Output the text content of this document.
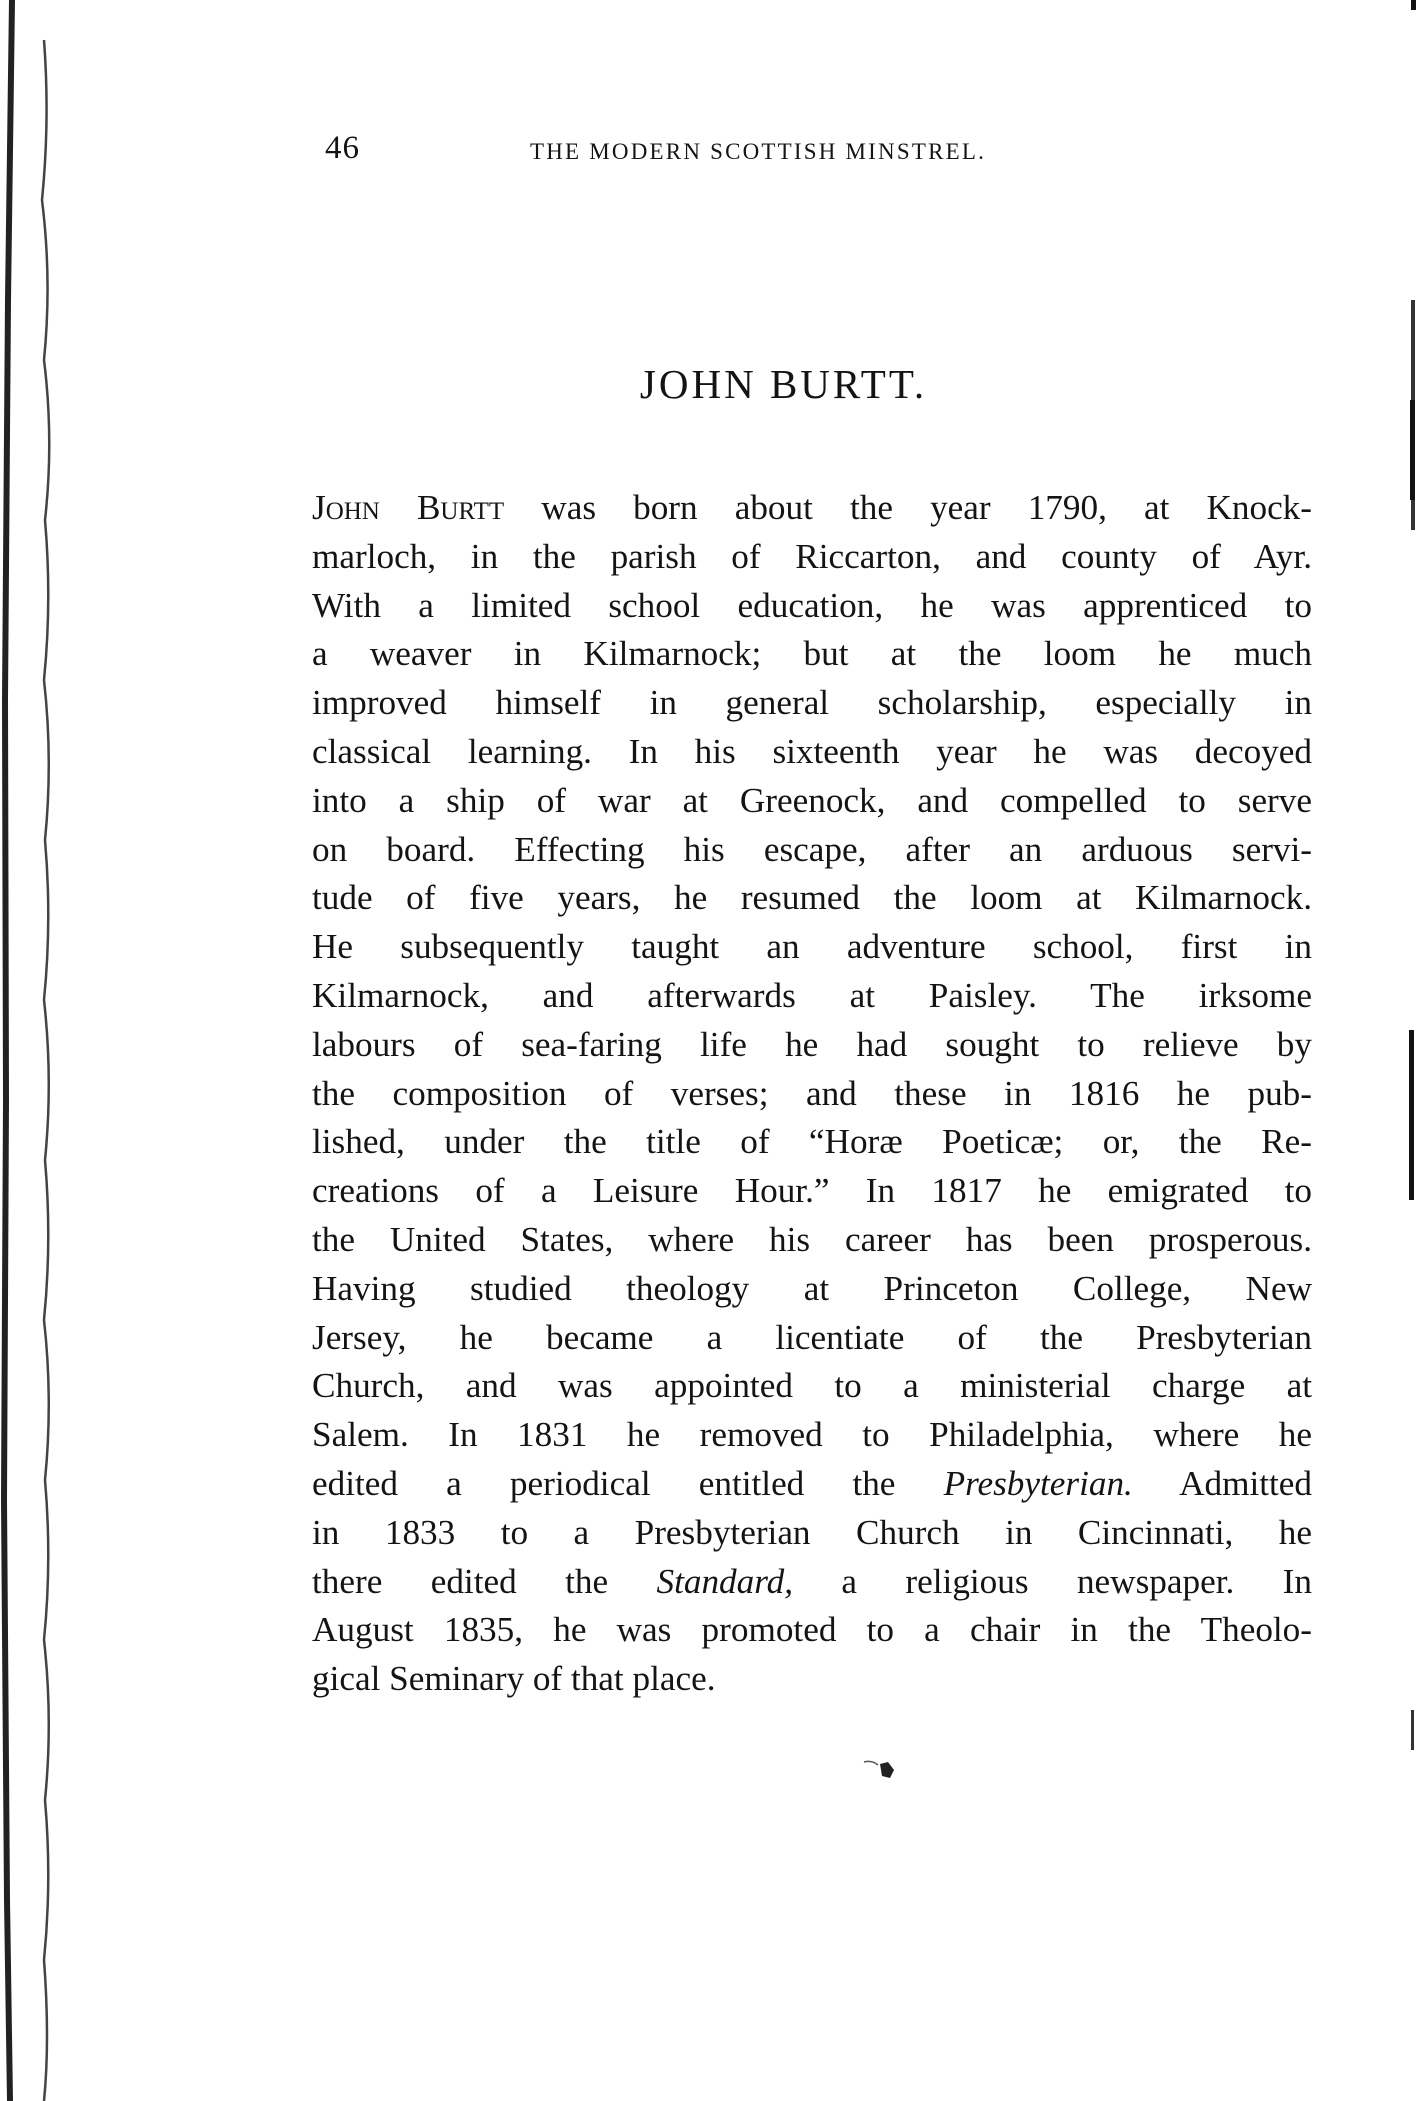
46	THE MODERN SCOTTISH MINSTREL.
JOHN BURTT.
John Burtt was born about the year 1790, at Knock-
marloch, in the parish of Riccarton, and county of Ayr.
With a limited school education, he was apprenticed to
a weaver in Kilmarnock; but at the loom he much
improved himself in general scholarship, especially in
classical learning. In his sixteenth year he was decoyed
into a ship of war at Greenock, and compelled to serve
on board. Effecting his escape, after an arduous servi-
tude of five years, he resumed the loom at Kilmarnock.
He subsequently taught an adventure school, first in
Kilmarnock, and afterwards at Paisley. The irksome
labours of sea-faring life he had sought to relieve by
the composition of verses; and these in 1816 he pub-
lished, under the title of “Horæ Poeticæ; or, the Re-
creations of a Leisure Hour.” In 1817 he emigrated to
the United States, where his career has been prosperous.
Having studied theology at Princeton College, New
Jersey, he became a licentiate of the Presbyterian
Church, and was appointed to a ministerial charge at
Salem. In 1831 he removed to Philadelphia, where he
edited a periodical entitled the Presbyterian. Admitted
in 1833 to a Presbyterian Church in Cincinnati, he
there edited the Standard, a religious newspaper. In
August 1835, he was promoted to a chair in the Theolo-
gical Seminary of that place.
